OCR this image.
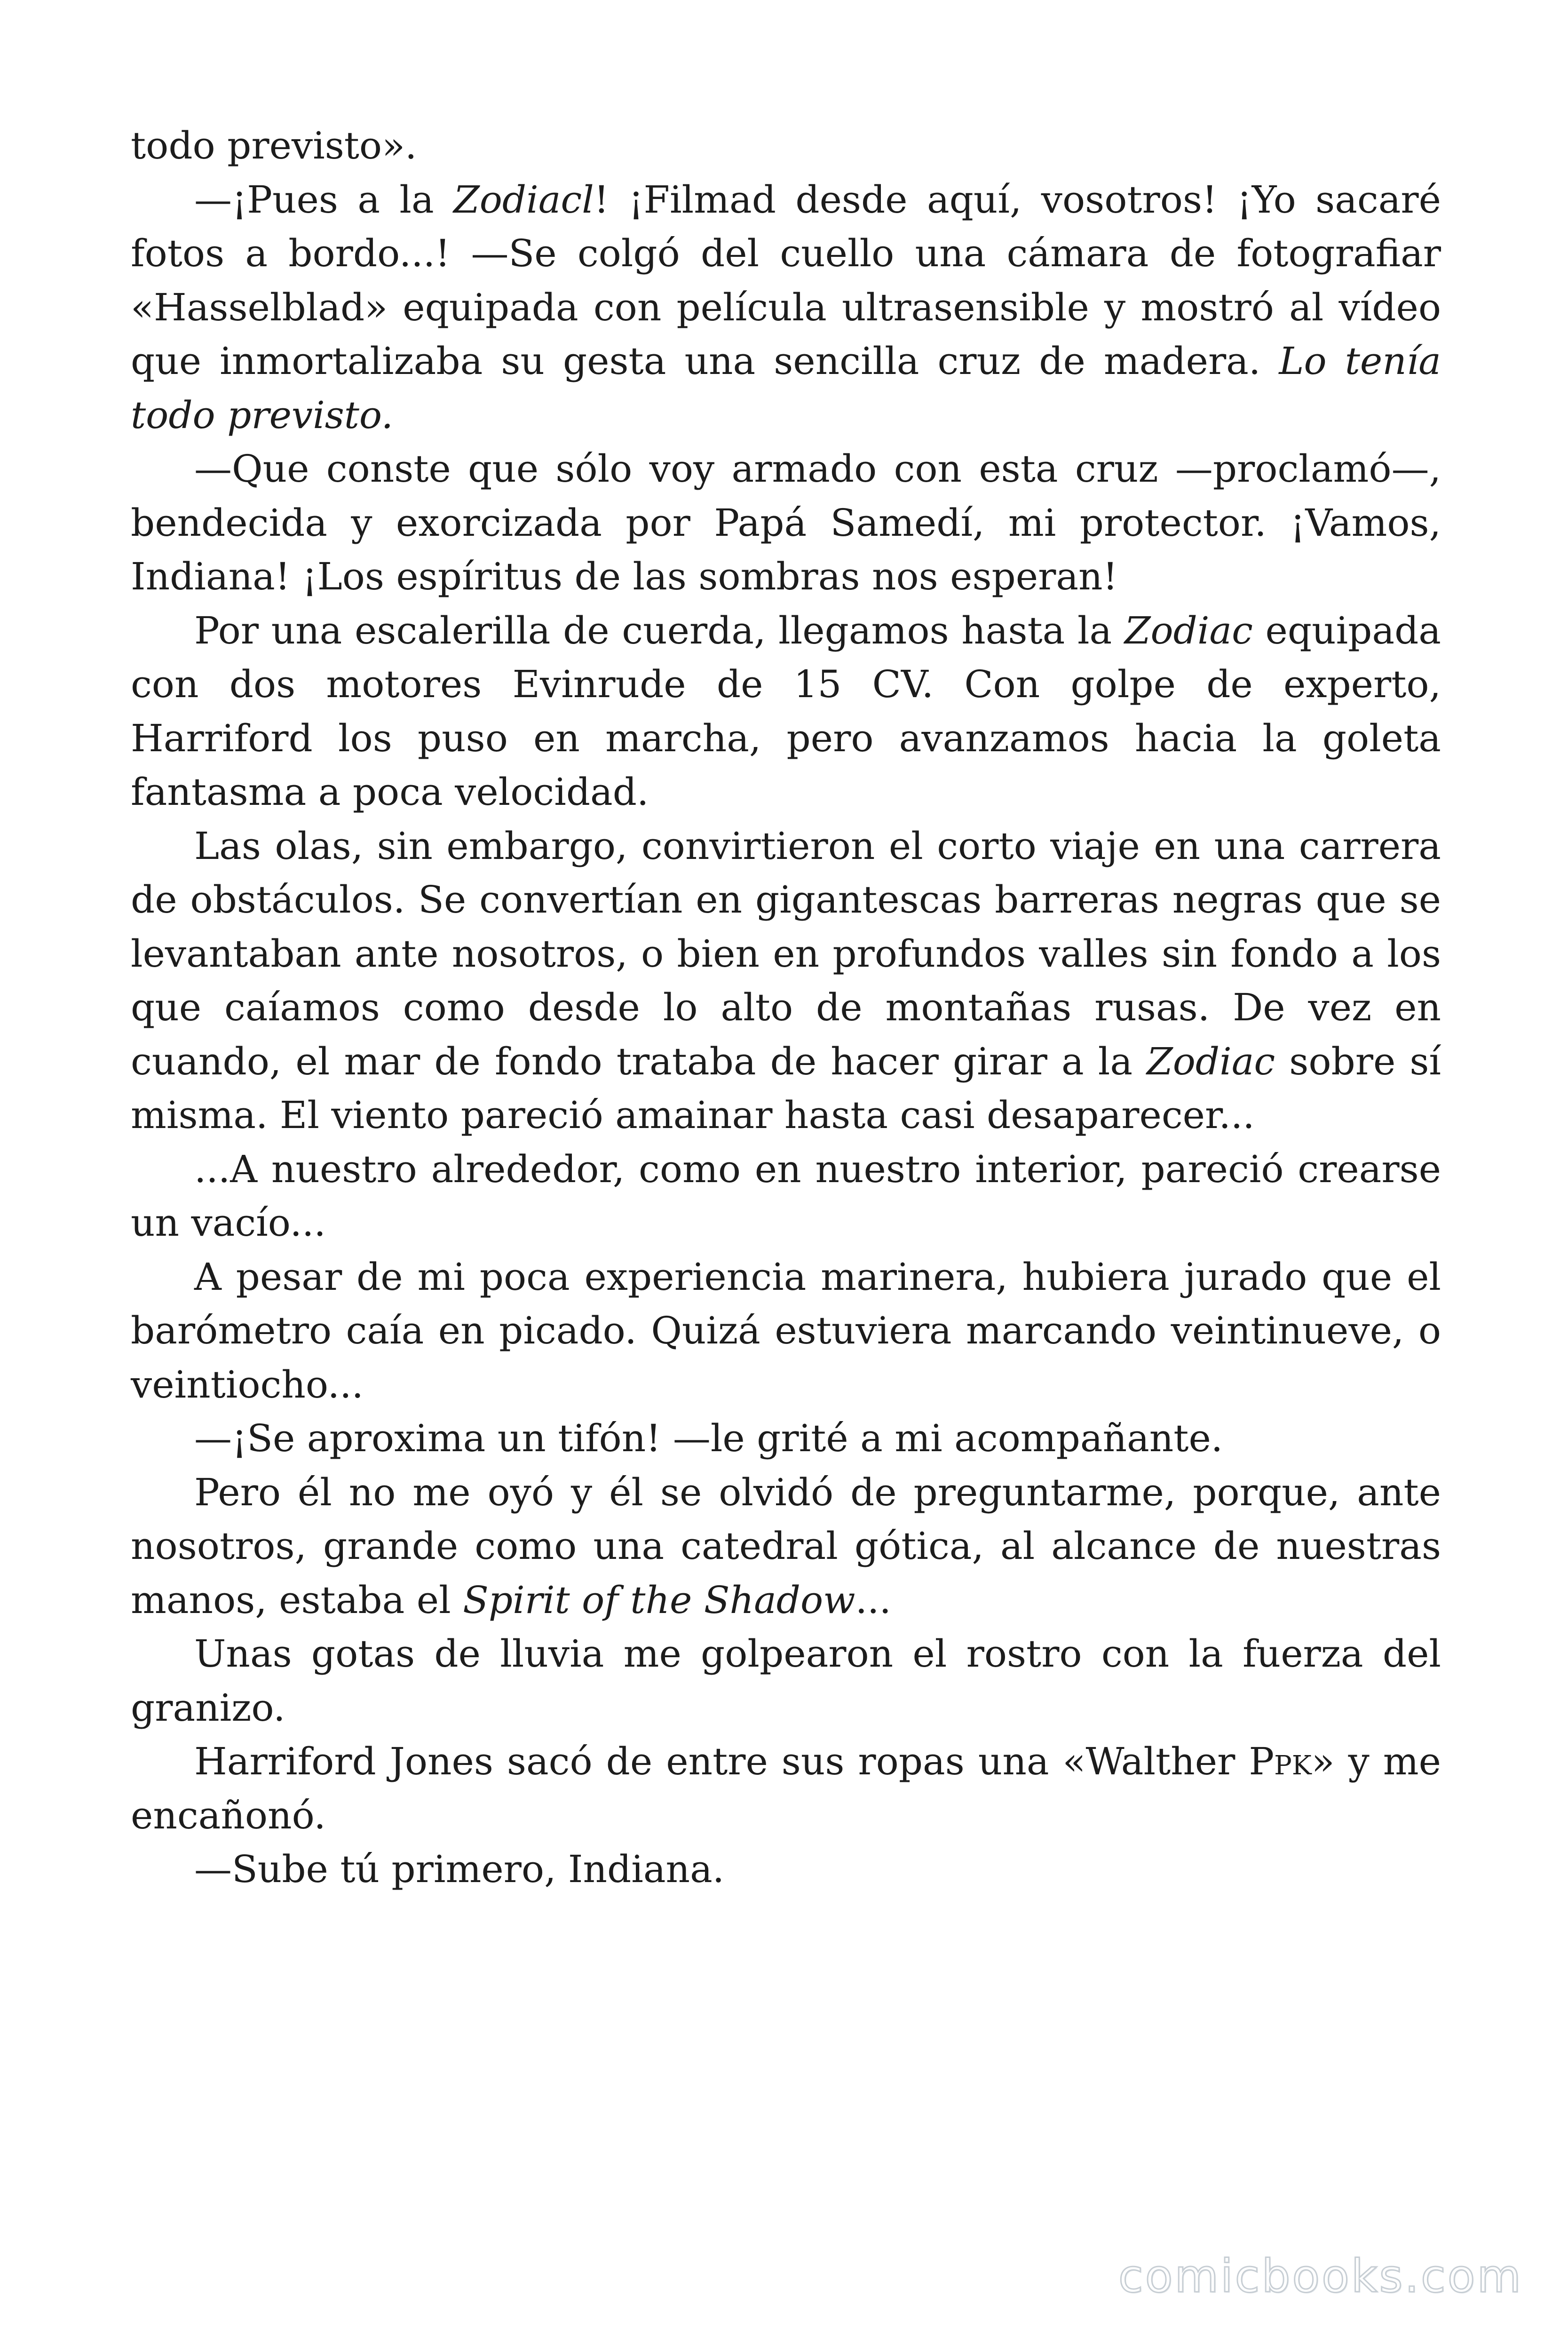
todo previsto».

—¡Pues a la Zodiacl! ¡Filmad desde aquí, vosotros! ¡Yo sacaré fotos a bordo...! —Se colgó del cuello una cámara de fotografiar «Hasselblad» equipada con película ultrasensible y mostró al vídeo que inmortalizaba su gesta una sencilla cruz de madera. Lo tenía todo previsto.

—Que conste que sólo voy armado con esta cruz —proclamó—, bendecida y exorcizada por Papá Samedí, mi protector. ¡Vamos, Indiana! ¡Los espíritus de las sombras nos esperan!

Por una escalerilla de cuerda, llegamos hasta la Zodiac equipada con dos motores Evinrude de 15 CV. Con golpe de experto, Harriford los puso en marcha, pero avanzamos hacia la goleta fantasma a poca velocidad.

Las olas, sin embargo, convirtieron el corto viaje en una carrera de obstáculos. Se convertían en gigantescas barreras negras que se levantaban ante nosotros, o bien en profundos valles sin fondo a los que caíamos como desde lo alto de montañas rusas. De vez en cuando, el mar de fondo trataba de hacer girar a la Zodiac sobre sí misma. El viento pareció amainar hasta casi desaparecer...

...A nuestro alrededor, como en nuestro interior, pareció crearse un vacío...

A pesar de mi poca experiencia marinera, hubiera jurado que el barómetro caía en picado. Quizá estuviera marcando veintinueve, o veintiocho...

—¡Se aproxima un tifón! —le grité a mi acompañante.

Pero él no me oyó y él se olvidó de preguntarme, porque, ante nosotros, grande como una catedral gótica, al alcance de nuestras manos, estaba el Spirit of the Shadow...

Unas gotas de lluvia me golpearon el rostro con la fuerza del granizo.

Harriford Jones sacó de entre sus ropas una «Walther Ppk» y me encañonó.

—Sube tú primero, Indiana.

comicbooks.com
